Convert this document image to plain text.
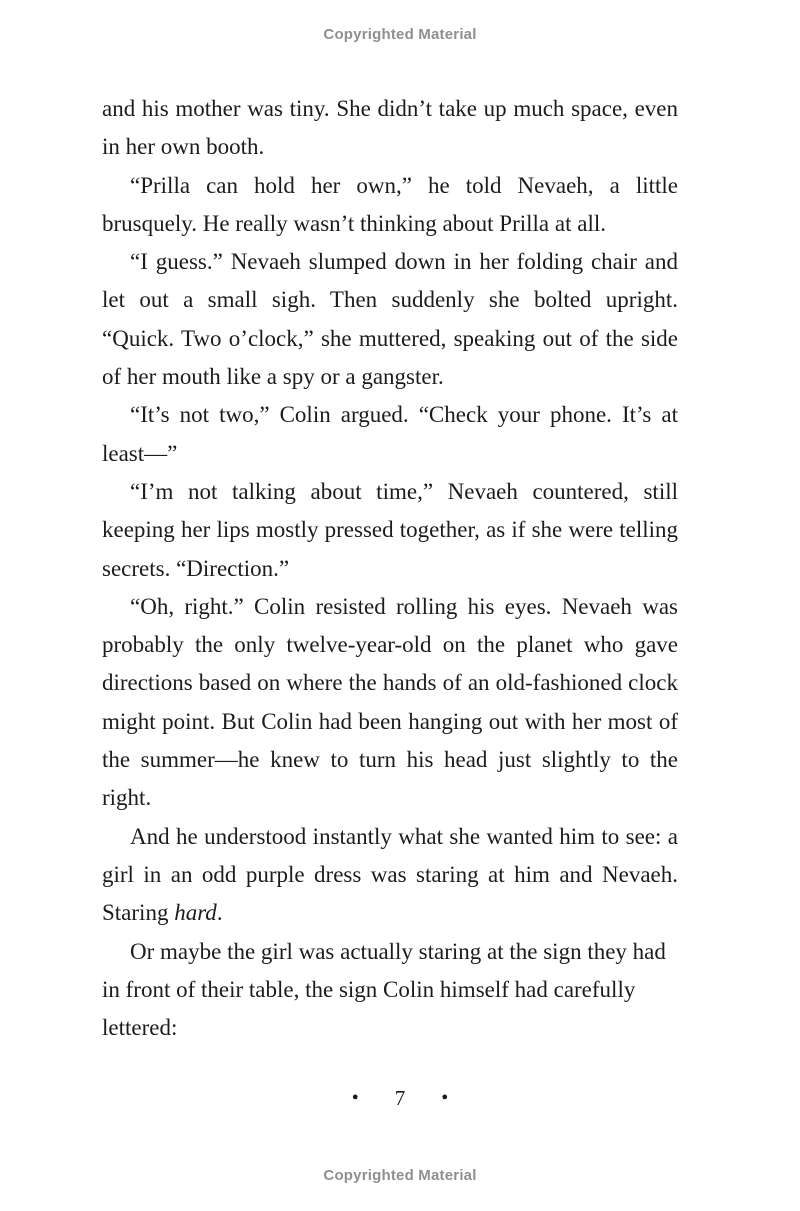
Copyrighted Material

and his mother was tiny. She didn’t take up much space, even in her own booth.

“Prilla can hold her own,” he told Nevaeh, a little brusquely. He really wasn’t thinking about Prilla at all.

“I guess.” Nevaeh slumped down in her folding chair and let out a small sigh. Then suddenly she bolted upright. “Quick. Two o’clock,” she muttered, speaking out of the side of her mouth like a spy or a gangster.

“It’s not two,” Colin argued. “Check your phone. It’s at least—”

“I’m not talking about time,” Nevaeh countered, still keeping her lips mostly pressed together, as if she were telling secrets. “Direction.”

“Oh, right.” Colin resisted rolling his eyes. Nevaeh was probably the only twelve-year-old on the planet who gave directions based on where the hands of an old-fashioned clock might point. But Colin had been hanging out with her most of the summer—he knew to turn his head just slightly to the right.

And he understood instantly what she wanted him to see: a girl in an odd purple dress was staring at him and Nevaeh. Staring hard.

Or maybe the girl was actually staring at the sign they had in front of their table, the sign Colin himself had carefully lettered:

• 7 •
Copyrighted Material
